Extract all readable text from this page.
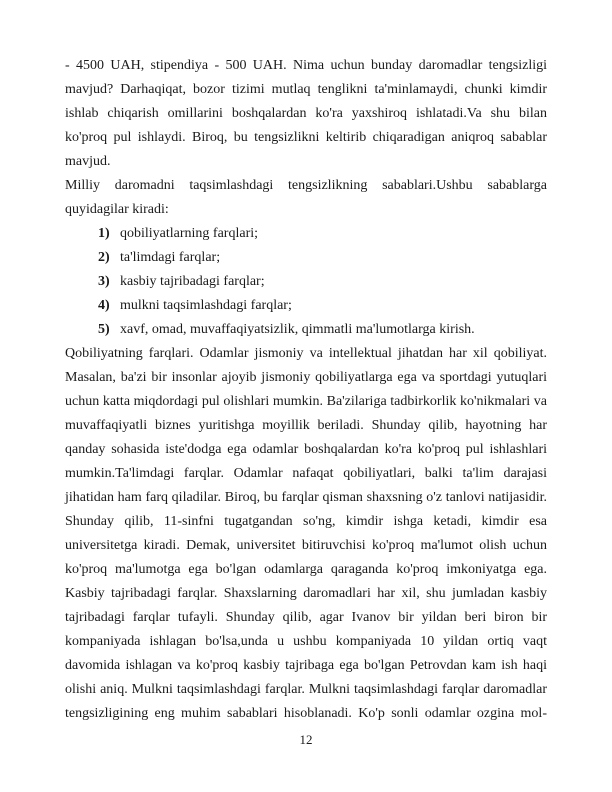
- 4500 UAH, stipendiya - 500 UAH. Nima uchun bunday daromadlar tengsizligi
mavjud? Darhaqiqat, bozor tizimi mutlaq tenglikni ta'minlamaydi, chunki kimdir
ishlab chiqarish omillarini boshqalardan ko'ra yaxshiroq ishlatadi.Va shu bilan
ko'proq pul ishlaydi. Biroq, bu tengsizlikni keltirib chiqaradigan aniqroq sabablar
mavjud.
Milliy daromadni taqsimlashdagi tengsizlikning sabablari.Ushbu sabablarga
quyidagilar kiradi:
1) qobiliyatlarning farqlari;
2) ta'limdagi farqlar;
3) kasbiy tajribadagi farqlar;
4) mulkni taqsimlashdagi farqlar;
5) xavf, omad, muvaffaqiyatsizlik, qimmatli ma'lumotlarga kirish.
Qobiliyatning farqlari. Odamlar jismoniy va intellektual jihatdan har xil qobiliyat.
Masalan, ba'zi bir insonlar ajoyib jismoniy qobiliyatlarga ega va sportdagi yutuqlari
uchun katta miqdordagi pul olishlari mumkin. Ba'zilariga tadbirkorlik ko'nikmalari va
muvaffaqiyatli biznes yuritishga moyillik beriladi. Shunday qilib, hayotning har
qanday sohasida iste'dodga ega odamlar boshqalardan ko'ra ko'proq pul ishlashlari
mumkin.Ta'limdagi farqlar. Odamlar nafaqat qobiliyatlari, balki ta'lim darajasi
jihatidan ham farq qiladilar. Biroq, bu farqlar qisman shaxsning o'z tanlovi natijasidir.
Shunday qilib, 11-sinfni tugatgandan so'ng, kimdir ishga ketadi, kimdir esa
universitetga kiradi. Demak, universitet bitiruvchisi ko'proq ma'lumot olish uchun
ko'proq ma'lumotga ega bo'lgan odamlarga qaraganda ko'proq imkoniyatga ega.
Kasbiy tajribadagi farqlar. Shaxslarning daromadlari har xil, shu jumladan kasbiy
tajribadagi farqlar tufayli. Shunday qilib, agar Ivanov bir yildan beri biron bir
kompaniyada ishlagan bo'lsa,unda u ushbu kompaniyada 10 yildan ortiq vaqt
davomida ishlagan va ko'proq kasbiy tajribaga ega bo'lgan Petrovdan kam ish haqi
olishi aniq. Mulkni taqsimlashdagi farqlar. Mulkni taqsimlashdagi farqlar daromadlar
tengsizligining eng muhim sabablari hisoblanadi. Ko'p sonli odamlar ozgina mol-
12
